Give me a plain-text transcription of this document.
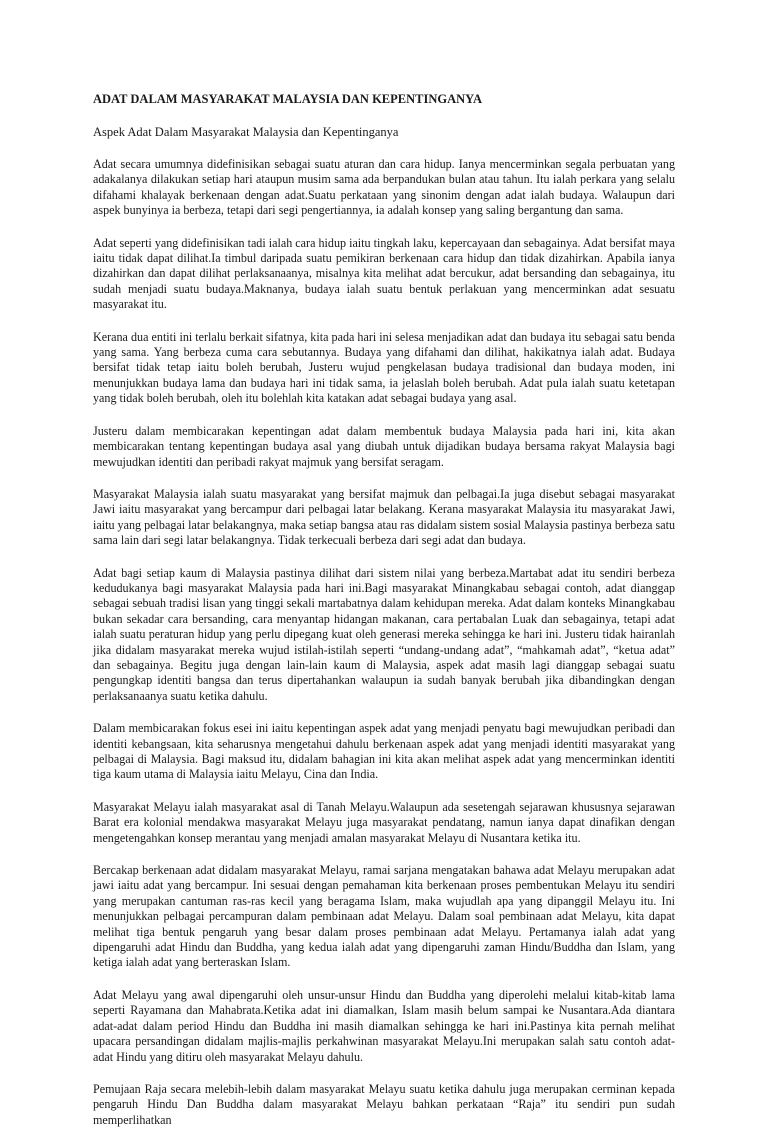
ADAT DALAM MASYARAKAT MALAYSIA DAN KEPENTINGANYA
Aspek Adat Dalam Masyarakat Malaysia dan Kepentinganya

Adat secara umumnya didefinisikan sebagai suatu aturan dan cara hidup. Ianya mencerminkan segala perbuatan yang adakalanya dilakukan setiap hari ataupun musim sama ada berpandukan bulan atau tahun. Itu ialah perkara yang selalu difahami khalayak berkenaan dengan adat.Suatu perkataan yang sinonim dengan adat ialah budaya. Walaupun dari aspek bunyinya ia berbeza, tetapi dari segi pengertiannya, ia adalah konsep yang saling bergantung dan sama.

Adat seperti yang didefinisikan tadi ialah cara hidup iaitu tingkah laku, kepercayaan dan sebagainya. Adat bersifat maya iaitu tidak dapat dilihat.Ia timbul daripada suatu pemikiran berkenaan cara hidup dan tidak dizahirkan. Apabila ianya dizahirkan dan dapat dilihat perlaksanaanya, misalnya kita melihat adat bercukur, adat bersanding dan sebagainya, itu sudah menjadi suatu budaya.Maknanya, budaya ialah suatu bentuk perlakuan yang mencerminkan adat sesuatu masyarakat itu.

Kerana dua entiti ini terlalu berkait sifatnya, kita pada hari ini selesa menjadikan adat dan budaya itu sebagai satu benda yang sama. Yang berbeza cuma cara sebutannya. Budaya yang difahami dan dilihat, hakikatnya ialah adat. Budaya bersifat tidak tetap iaitu boleh berubah, Justeru wujud pengkelasan budaya tradisional dan budaya moden, ini menunjukkan budaya lama dan budaya hari ini tidak sama, ia jelaslah boleh berubah. Adat pula ialah suatu ketetapan yang tidak boleh berubah, oleh itu bolehlah kita katakan adat sebagai budaya yang asal.

Justeru dalam membicarakan kepentingan adat dalam membentuk budaya Malaysia pada hari ini, kita akan membicarakan tentang kepentingan budaya asal yang diubah untuk dijadikan budaya bersama rakyat Malaysia bagi mewujudkan identiti dan peribadi rakyat majmuk yang bersifat seragam.

Masyarakat Malaysia ialah suatu masyarakat yang bersifat majmuk dan pelbagai.Ia juga disebut sebagai masyarakat Jawi iaitu masyarakat yang bercampur dari pelbagai latar belakang. Kerana masyarakat Malaysia itu masyarakat Jawi, iaitu yang pelbagai latar belakangnya, maka setiap bangsa atau ras didalam sistem sosial Malaysia pastinya berbeza satu sama lain dari segi latar belakangnya. Tidak terkecuali berbeza dari segi adat dan budaya.

Adat bagi setiap kaum di Malaysia pastinya dilihat dari sistem nilai yang berbeza.Martabat adat itu sendiri berbeza kedudukanya bagi masyarakat Malaysia pada hari ini.Bagi masyarakat Minangkabau sebagai contoh, adat dianggap sebagai sebuah tradisi lisan yang tinggi sekali martabatnya dalam kehidupan mereka. Adat dalam konteks Minangkabau bukan sekadar cara bersanding, cara menyantap hidangan makanan, cara pertabalan Luak dan sebagainya, tetapi adat ialah suatu peraturan hidup yang perlu dipegang kuat oleh generasi mereka sehingga ke hari ini. Justeru tidak hairanlah jika didalam masyarakat mereka wujud istilah-istilah seperti “undang-undang adat”, “mahkamah adat”, “ketua adat” dan sebagainya. Begitu juga dengan lain-lain kaum di Malaysia, aspek adat masih lagi dianggap sebagai suatu pengungkap identiti bangsa dan terus dipertahankan walaupun ia sudah banyak berubah jika dibandingkan dengan perlaksanaanya suatu ketika dahulu.

Dalam membicarakan fokus esei ini iaitu kepentingan aspek adat yang menjadi penyatu bagi mewujudkan peribadi dan identiti kebangsaan, kita seharusnya mengetahui dahulu berkenaan aspek adat yang menjadi identiti masyarakat yang pelbagai di Malaysia. Bagi maksud itu, didalam bahagian ini kita akan melihat aspek adat yang mencerminkan identiti tiga kaum utama di Malaysia iaitu Melayu, Cina dan India.

Masyarakat Melayu ialah masyarakat asal di Tanah Melayu.Walaupun ada sesetengah sejarawan khususnya sejarawan Barat era kolonial mendakwa masyarakat Melayu juga masyarakat pendatang, namun ianya dapat dinafikan dengan mengetengahkan konsep merantau yang menjadi amalan masyarakat Melayu di Nusantara ketika itu.

Bercakap berkenaan adat didalam masyarakat Melayu, ramai sarjana mengatakan bahawa adat Melayu merupakan adat jawi iaitu adat yang bercampur. Ini sesuai dengan pemahaman kita berkenaan proses pembentukan Melayu itu sendiri yang merupakan cantuman ras-ras kecil yang beragama Islam, maka wujudlah apa yang dipanggil Melayu itu. Ini menunjukkan pelbagai percampuran dalam pembinaan adat Melayu. Dalam soal pembinaan adat Melayu, kita dapat melihat tiga bentuk pengaruh yang besar dalam proses pembinaan adat Melayu. Pertamanya ialah adat yang dipengaruhi adat Hindu dan Buddha, yang kedua ialah adat yang dipengaruhi zaman Hindu/Buddha dan Islam, yang ketiga ialah adat yang berteraskan Islam.

Adat Melayu yang awal dipengaruhi oleh unsur-unsur Hindu dan Buddha yang diperolehi melalui kitab-kitab lama seperti Rayamana dan Mahabrata.Ketika adat ini diamalkan, Islam masih belum sampai ke Nusantara.Ada diantara adat-adat dalam period Hindu dan Buddha ini masih diamalkan sehingga ke hari ini.Pastinya kita pernah melihat upacara persandingan didalam majlis-majlis perkahwinan masyarakat Melayu.Ini merupakan salah satu contoh adat-adat Hindu yang ditiru oleh masyarakat Melayu dahulu.

Pemujaan Raja secara melebih-lebih dalam masyarakat Melayu suatu ketika dahulu juga merupakan cerminan kepada pengaruh Hindu Dan Buddha dalam masyarakat Melayu bahkan perkataan “Raja” itu sendiri pun sudah memperlihatkan
